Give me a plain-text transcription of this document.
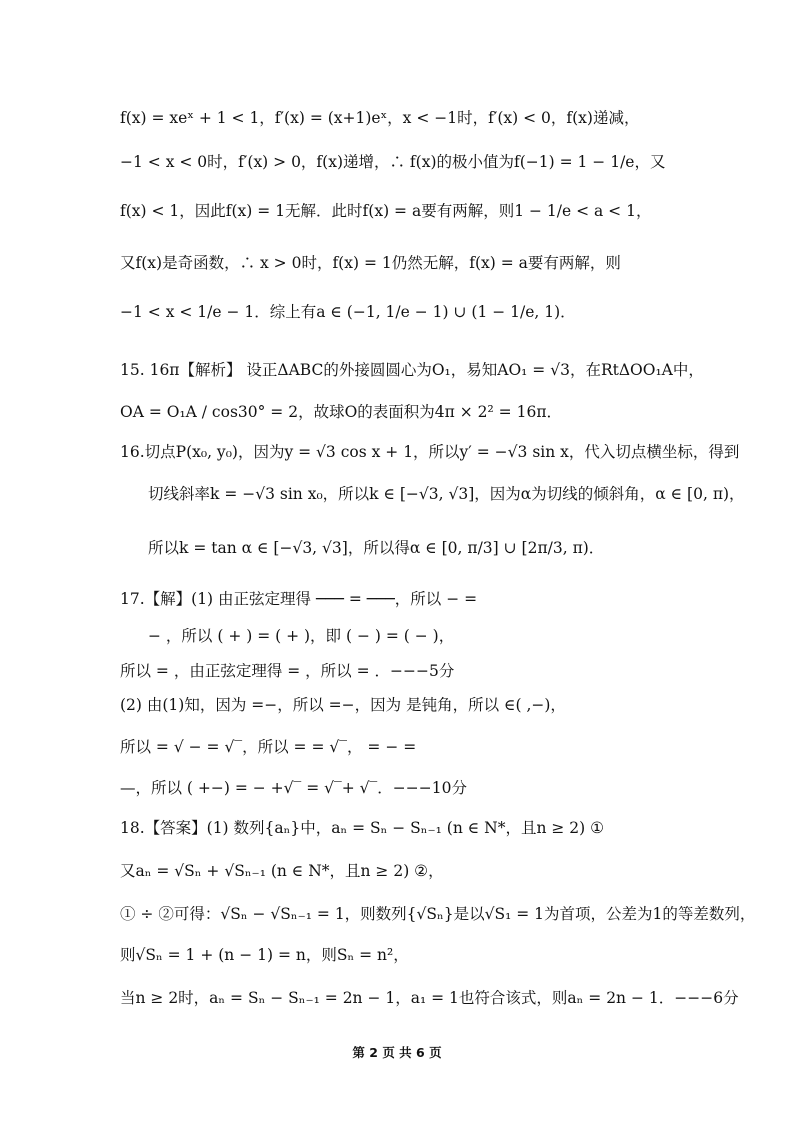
f(x) = xeˣ + 1 < 1，f′(x) = (x+1)eˣ，x < −1时，f′(x) < 0，f(x)递减，
−1 < x < 0时，f′(x) > 0，f(x)递增，∴ f(x)的极小值为f(−1) = 1 − 1/e，又
f(x) < 1，因此f(x) = 1无解．此时f(x) = a要有两解，则1 − 1/e < a < 1，
又f(x)是奇函数，∴ x > 0时，f(x) = 1仍然无解，f(x) = a要有两解，则
−1 < x < 1/e − 1．综上有a ∈ (−1, 1/e − 1) ∪ (1 − 1/e, 1)．
15. 16π【解析】 设正ΔABC的外接圆圆心为O₁，易知AO₁ = √3，在RtΔOO₁A中，
OA = O₁A / cos30° = 2，故球O的表面积为4π × 2² = 16π．
16.切点P(x₀, y₀)，因为y = √3 cos x + 1，所以y′ = −√3 sin x，代入切点横坐标，得到
切线斜率k = −√3 sin x₀，所以k ∈ [−√3, √3]，因为α为切线的倾斜角，α ∈ [0, π)，
所以k = tan α ∈ [−√3, √3]，所以得α ∈ [0, π/3] ∪ [2π/3, π)．
17.【解】(1) 由正弦定理得 ─── = ───，所以 − =
− ，所以 ( + ) = ( + )，即 ( − ) = ( − )，
所以 = ，由正弦定理得 = ，所以 = ．−−−5分
(2) 由(1)知，因为 =−，所以 =−，因为 是钝角，所以 ∈( ,−)，
所以 = √ − = √‾，所以 = = √‾， = − =
—，所以 ( +−) = − +√‾ = √‾+ √‾．−−−10分
18.【答案】(1) 数列{aₙ}中，aₙ = Sₙ − Sₙ₋₁ (n ∈ N*，且n ≥ 2) ①
又aₙ = √Sₙ + √Sₙ₋₁ (n ∈ N*，且n ≥ 2) ②，
① ÷ ②可得：√Sₙ − √Sₙ₋₁ = 1，则数列{√Sₙ}是以√S₁ = 1为首项，公差为1的等差数列，
则√Sₙ = 1 + (n − 1) = n，则Sₙ = n²，
当n ≥ 2时，aₙ = Sₙ − Sₙ₋₁ = 2n − 1，a₁ = 1也符合该式，则aₙ = 2n − 1．−−−6分
第 2 页 共 6 页
